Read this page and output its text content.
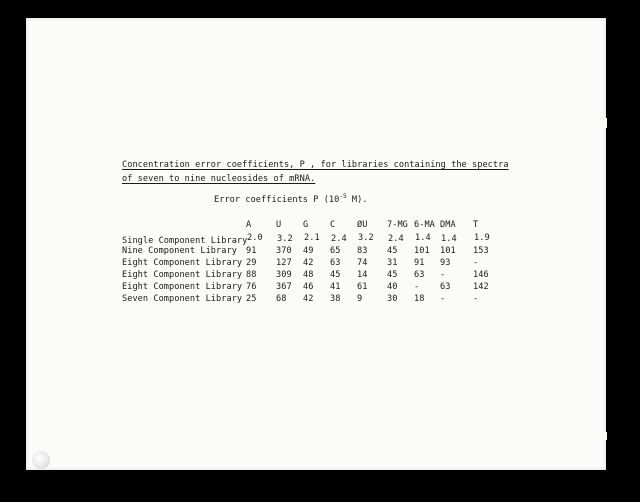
Concentration error coefficients, P , for libraries containing the spectra
of seven to nine nucleosides of mRNA.
Error coefficients P ($10^{-5}$ M).
A	U	G	C	ØU 7-MG 6-MA DMA T
Single Component Library 2.0 3.2 2.1 2.4 3.2 2.4 1.4 1.4 1.9
Nine Component Library 91 370 49 65 83 45 101 101 153
Eight Component Library 29 127 42 63 74 31 91 93	-
Eight Component Library 88 309 48 45 14 45 63 -	146
Eight Component Library 76 367 46 41 61 40 - 63	142
Seven Component Library 25 68 42 38 9	30 18 -	-
